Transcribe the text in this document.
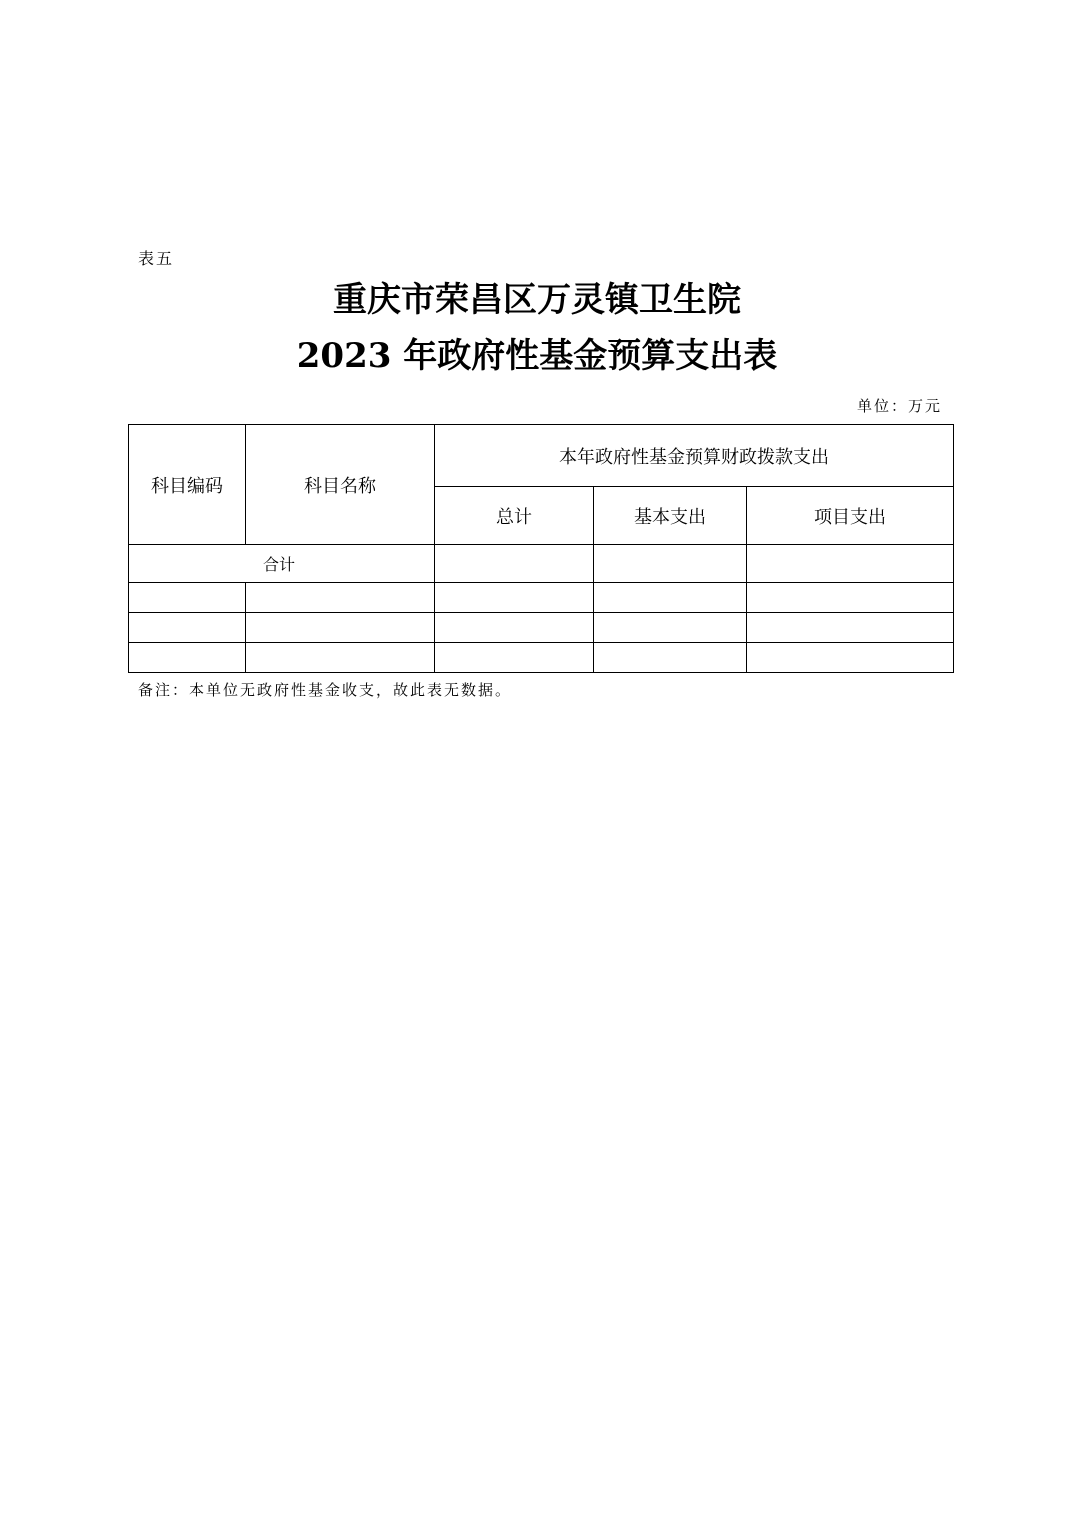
表五
重庆市荣昌区万灵镇卫生院
2023 年政府性基金预算支出表
单位：万元
科目编码	科目名称	本年政府性基金预算财政拨款支出		
		总计	基本支出	项目支出
合计				

备注：本单位无政府性基金收支，故此表无数据。
